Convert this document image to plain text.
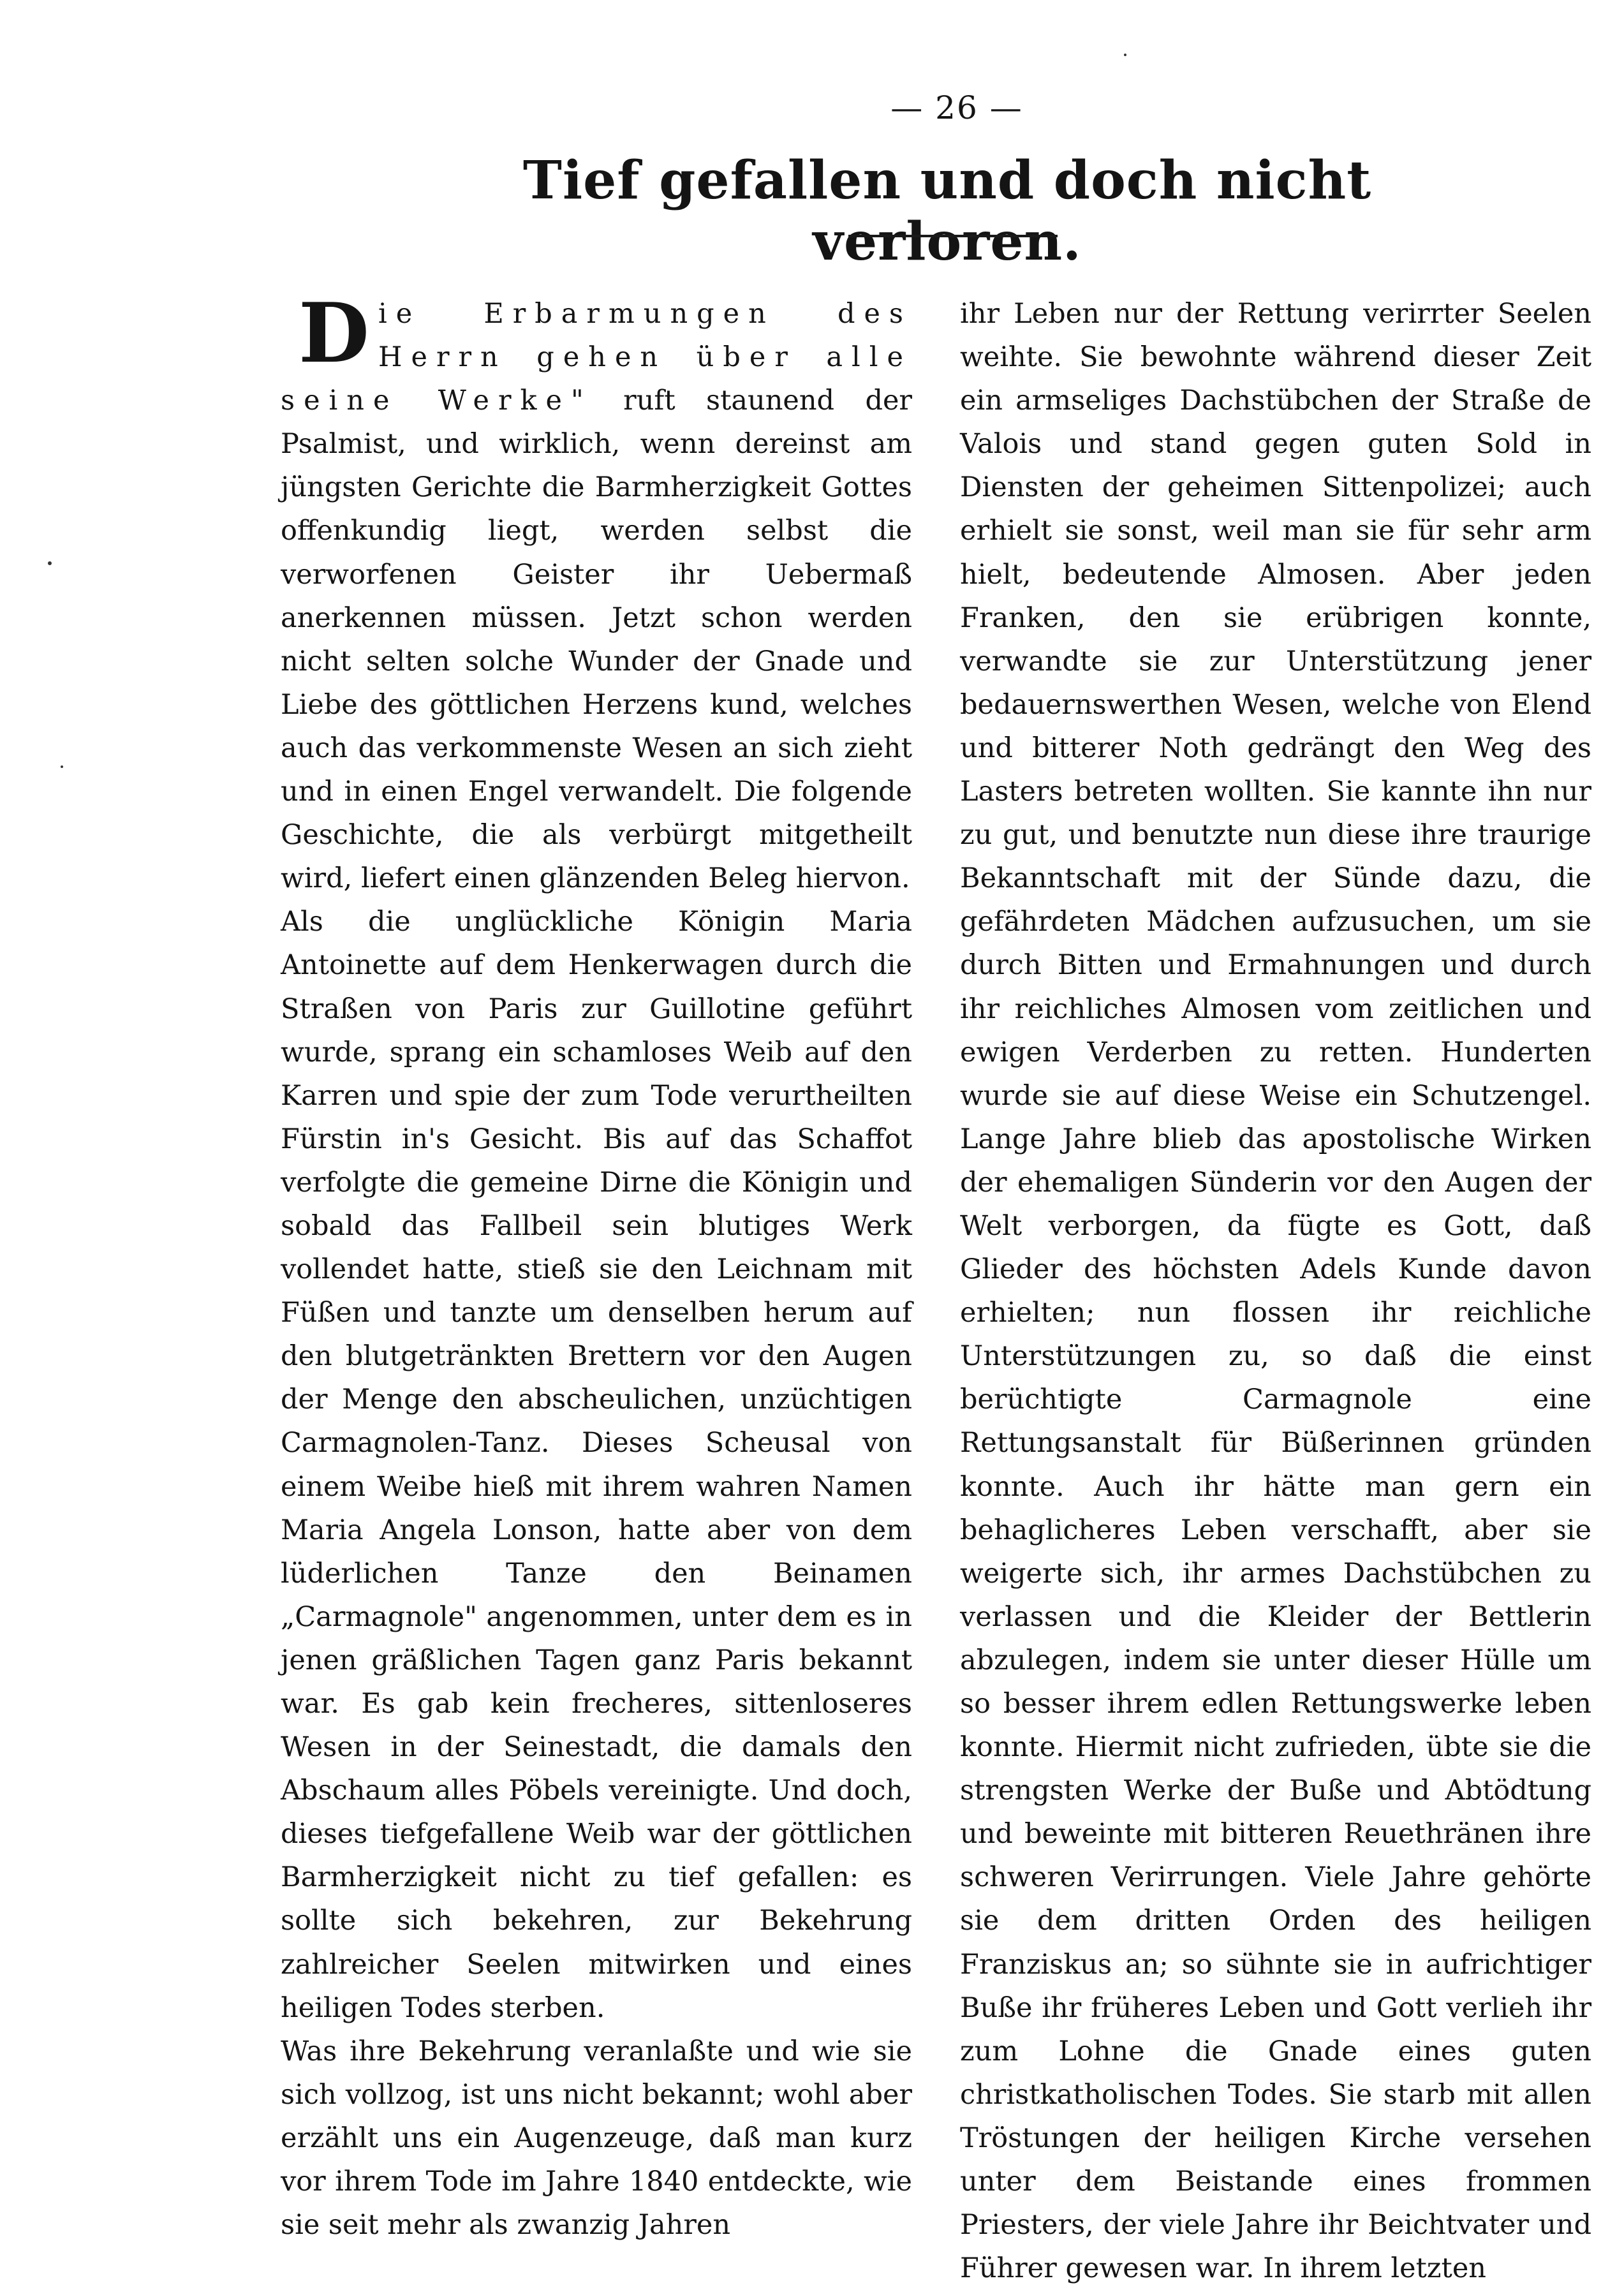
— 26 —
Tief gefallen und doch nicht verloren.

Die Erbarmungen des Herrn gehen über alle seine Werke" ruft staunend der Psalmist, und wirklich, wenn dereinst am jüngsten Gerichte die Barmherzigkeit Gottes offenkundig liegt, werden selbst die verworfenen Geister ihr Uebermaß anerkennen müssen. Jetzt schon werden nicht selten solche Wunder der Gnade und Liebe des göttlichen Herzens kund, welches auch das verkommenste Wesen an sich zieht und in einen Engel verwandelt. Die folgende Geschichte, die als verbürgt mitgetheilt wird, liefert einen glänzenden Beleg hiervon.

Als die unglückliche Königin Maria Antoinette auf dem Henkerwagen durch die Straßen von Paris zur Guillotine geführt wurde, sprang ein schamloses Weib auf den Karren und spie der zum Tode verurtheilten Fürstin in's Gesicht. Bis auf das Schaffot verfolgte die gemeine Dirne die Königin und sobald das Fallbeil sein blutiges Werk vollendet hatte, stieß sie den Leichnam mit Füßen und tanzte um denselben herum auf den blutgetränkten Brettern vor den Augen der Menge den abscheulichen, unzüchtigen Carmagnolen-Tanz. Dieses Scheusal von einem Weibe hieß mit ihrem wahren Namen Maria Angela Lonson, hatte aber von dem lüderlichen Tanze den Beinamen „Carmagnole" angenommen, unter dem es in jenen gräßlichen Tagen ganz Paris bekannt war. Es gab kein frecheres, sittenloseres Wesen in der Seinestadt, die damals den Abschaum alles Pöbels vereinigte. Und doch, dieses tiefgefallene Weib war der göttlichen Barmherzigkeit nicht zu tief gefallen: es sollte sich bekehren, zur Bekehrung zahlreicher Seelen mitwirken und eines heiligen Todes sterben.

Was ihre Bekehrung veranlaßte und wie sie sich vollzog, ist uns nicht bekannt; wohl aber erzählt uns ein Augenzeuge, daß man kurz vor ihrem Tode im Jahre 1840 entdeckte, wie sie seit mehr als zwanzig Jahren

ihr Leben nur der Rettung verirrter Seelen weihte. Sie bewohnte während dieser Zeit ein armseliges Dachstübchen der Straße de Valois und stand gegen guten Sold in Diensten der geheimen Sittenpolizei; auch erhielt sie sonst, weil man sie für sehr arm hielt, bedeutende Almosen. Aber jeden Franken, den sie erübrigen konnte, verwandte sie zur Unterstützung jener bedauernswerthen Wesen, welche von Elend und bitterer Noth gedrängt den Weg des Lasters betreten wollten. Sie kannte ihn nur zu gut, und benutzte nun diese ihre traurige Bekanntschaft mit der Sünde dazu, die gefährdeten Mädchen aufzusuchen, um sie durch Bitten und Ermahnungen und durch ihr reichliches Almosen vom zeitlichen und ewigen Verderben zu retten. Hunderten wurde sie auf diese Weise ein Schutzengel. Lange Jahre blieb das apostolische Wirken der ehemaligen Sünderin vor den Augen der Welt verborgen, da fügte es Gott, daß Glieder des höchsten Adels Kunde davon erhielten; nun flossen ihr reichliche Unterstützungen zu, so daß die einst berüchtigte Carmagnole eine Rettungsanstalt für Büßerinnen gründen konnte. Auch ihr hätte man gern ein behaglicheres Leben verschafft, aber sie weigerte sich, ihr armes Dachstübchen zu verlassen und die Kleider der Bettlerin abzulegen, indem sie unter dieser Hülle um so besser ihrem edlen Rettungswerke leben konnte. Hiermit nicht zufrieden, übte sie die strengsten Werke der Buße und Abtödtung und beweinte mit bitteren Reuethränen ihre schweren Verirrungen. Viele Jahre gehörte sie dem dritten Orden des heiligen Franziskus an; so sühnte sie in aufrichtiger Buße ihr früheres Leben und Gott verlieh ihr zum Lohne die Gnade eines guten christkatholischen Todes. Sie starb mit allen Tröstungen der heiligen Kirche versehen unter dem Beistande eines frommen Priesters, der viele Jahre ihr Beichtvater und Führer gewesen war. In ihrem letzten
